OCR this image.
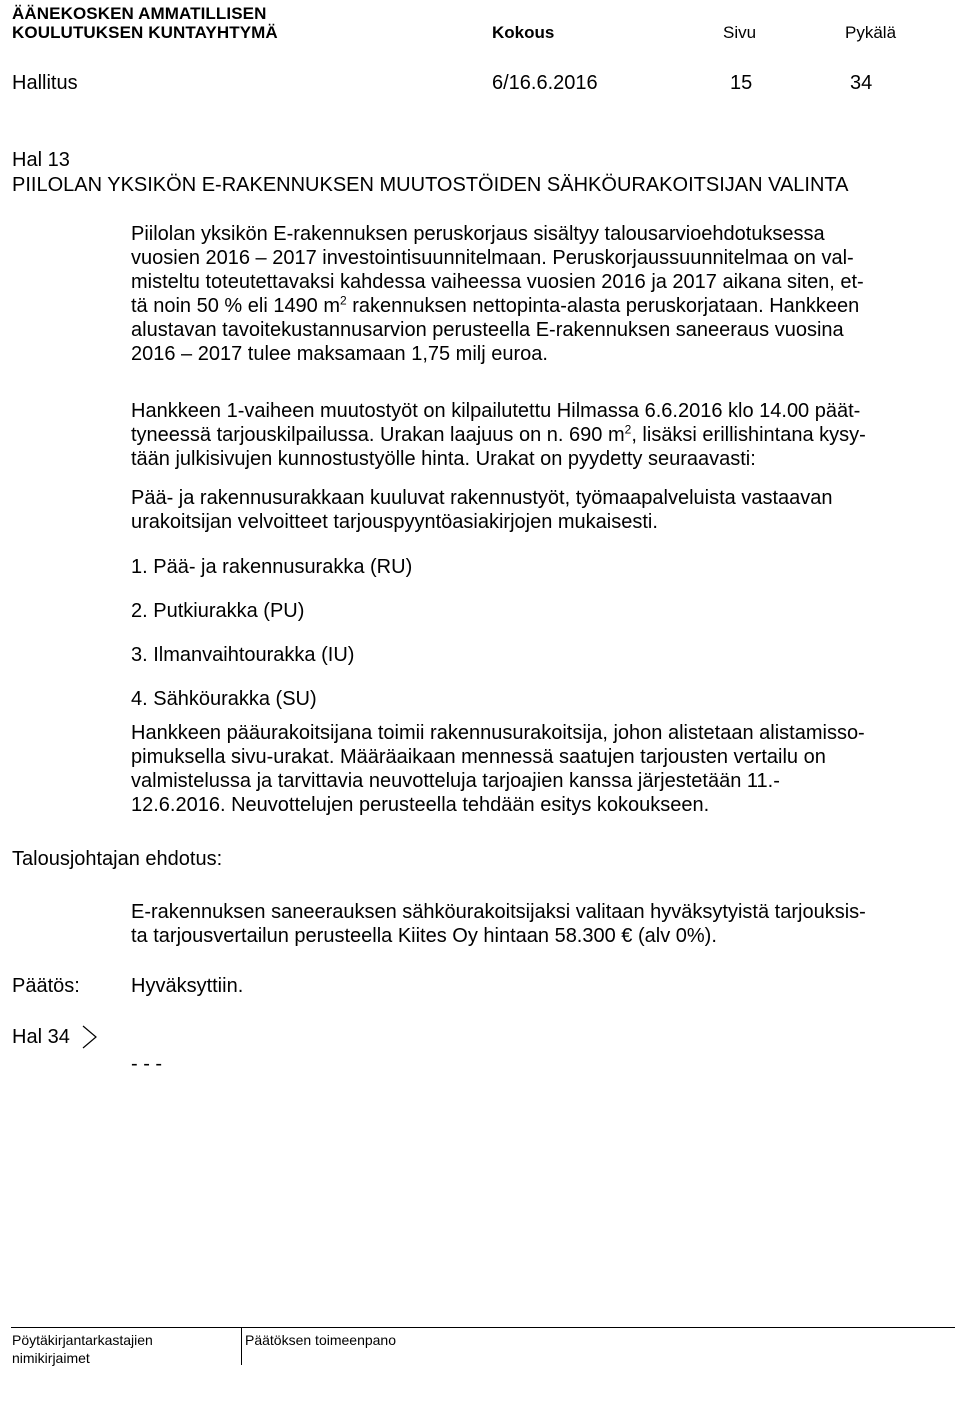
ÄÄNEKOSKEN AMMATILLISEN
KOULUTUKSEN KUNTAYHTYMÄ	Kokous	Sivu	Pykälä
Hallitus	6/16.6.2016	15	34
Hal 13
PIILOLAN YKSIKÖN E-RAKENNUKSEN MUUTOSTÖIDEN SÄHKÖURAKOITSIJAN VALINTA
Piilolan yksikön E-rakennuksen peruskorjaus sisältyy talousarvioehdotuksessa
vuosien 2016 – 2017 investointisuunnitelmaan. Peruskorjaussuunnitelmaa on val-
misteltu toteutettavaksi kahdessa vaiheessa vuosien 2016 ja 2017 aikana siten, et-
tä noin 50 % eli 1490 $m^2$ rakennuksen nettopinta-alasta peruskorjataan. Hankkeen
alustavan tavoitekustannusarvion perusteella E-rakennuksen saneeraus vuosina
2016 – 2017 tulee maksamaan 1,75 milj euroa.
Hankkeen 1-vaiheen muutostyöt on kilpailutettu Hilmassa 6.6.2016 klo 14.00 päät-
tyneessä tarjouskilpailussa. Urakan laajuus on n. 690 $m^2$, lisäksi erillishintana kysy-
tään julkisivujen kunnostustyölle hinta. Urakat on pyydetty seuraavasti:
Pää- ja rakennusurakkaan kuuluvat rakennustyöt, työmaapalveluista vastaavan
urakoitsijan velvoitteet tarjouspyyntöasiakirjojen mukaisesti.
1. Pää- ja rakennusurakka (RU)
2. Putkiurakka (PU)
3. Ilmanvaihtourakka (IU)
4. Sähköurakka (SU)
Hankkeen pääurakoitsijana toimii rakennusurakoitsija, johon alistetaan alistamisso-
pimuksella sivu-urakat. Määräaikaan mennessä saatujen tarjousten vertailu on
valmistelussa ja tarvittavia neuvotteluja tarjoajien kanssa järjestetään 11.-
12.6.2016. Neuvottelujen perusteella tehdään esitys kokoukseen.
Talousjohtajan ehdotus:
E-rakennuksen saneerauksen sähköurakoitsijaksi valitaan hyväksytyistä tarjouksis-
ta tarjousvertailun perusteella Kiites Oy hintaan 58.300 € (alv 0%).
Päätös:	Hyväksyttiin.
Hal 34
- - -
Pöytäkirjantarkastajien
nimikirjaimet
Päätöksen toimeenpano
